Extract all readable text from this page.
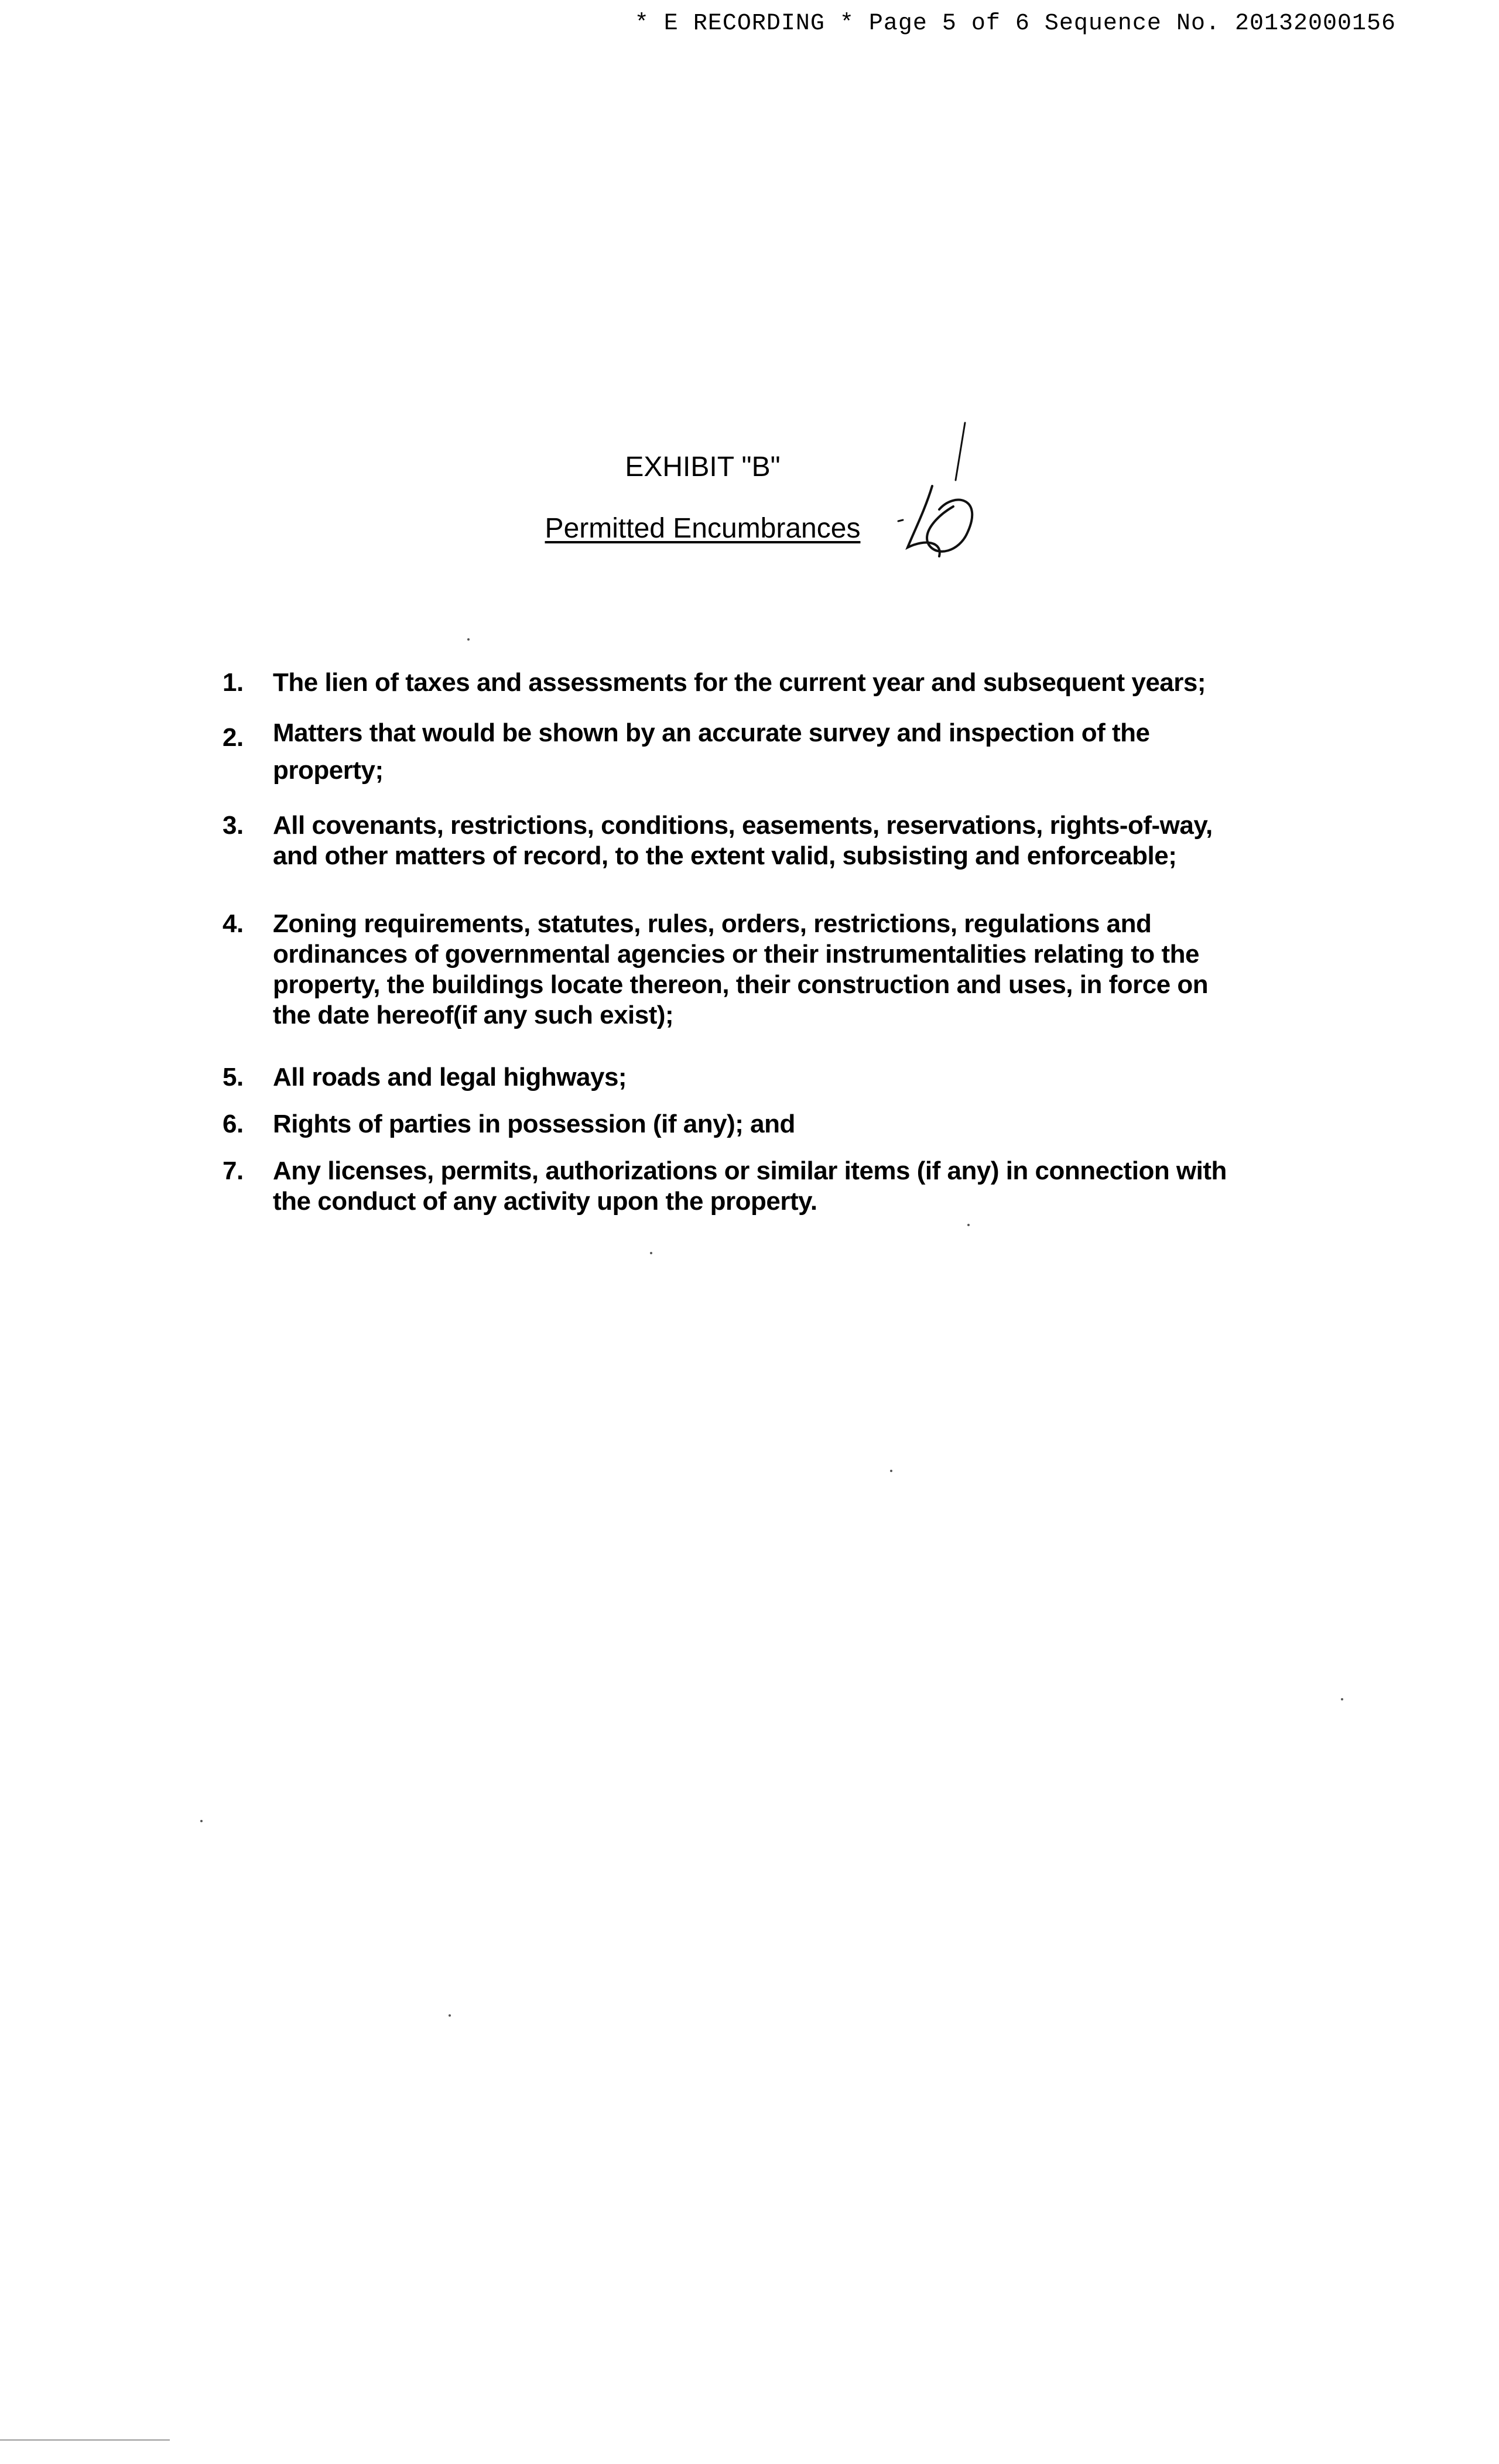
* E RECORDING * Page 5 of 6 Sequence No. 20132000156

EXHIBIT "B"

Permitted Encumbrances

1. The lien of taxes and assessments for the current year and subsequent years;
2. Matters that would be shown by an accurate survey and inspection of the property;
3. All covenants, restrictions, conditions, easements, reservations, rights-of-way, and other matters of record, to the extent valid, subsisting and enforceable;
4. Zoning requirements, statutes, rules, orders, restrictions, regulations and ordinances of governmental agencies or their instrumentalities relating to the property, the buildings locate thereon, their construction and uses, in force on the date hereof(if any such exist);
5. All roads and legal highways;
6. Rights of parties in possession (if any); and
7. Any licenses, permits, authorizations or similar items (if any) in connection with the conduct of any activity upon the property.
